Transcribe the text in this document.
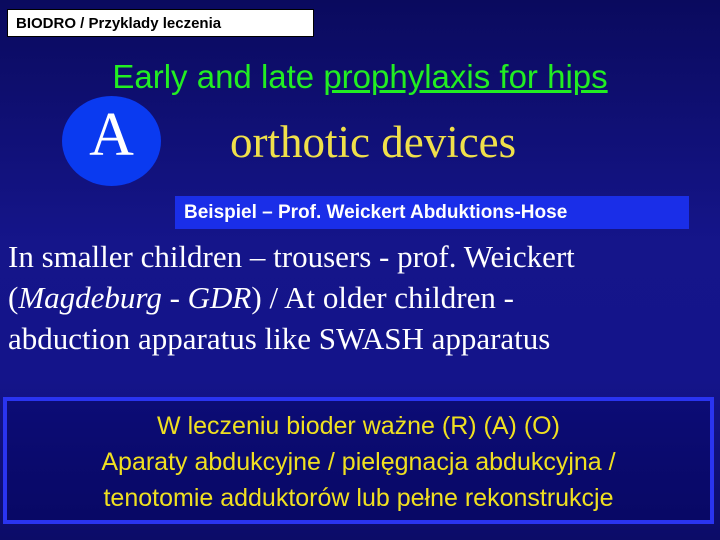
BIODRO / Przyklady leczenia
Early and late prophylaxis for hips
A	orthotic devices
Beispiel – Prof. Weickert Abduktions-Hose
In smaller children – trousers - prof. Weickert
(Magdeburg - GDR) / At older children -
abduction apparatus like SWASH apparatus
W leczeniu bioder ważne (R) (A) (O)
Aparaty abdukcyjne / pielęgnacja abdukcyjna /
tenotomie adduktorów lub pełne rekonstrukcje
